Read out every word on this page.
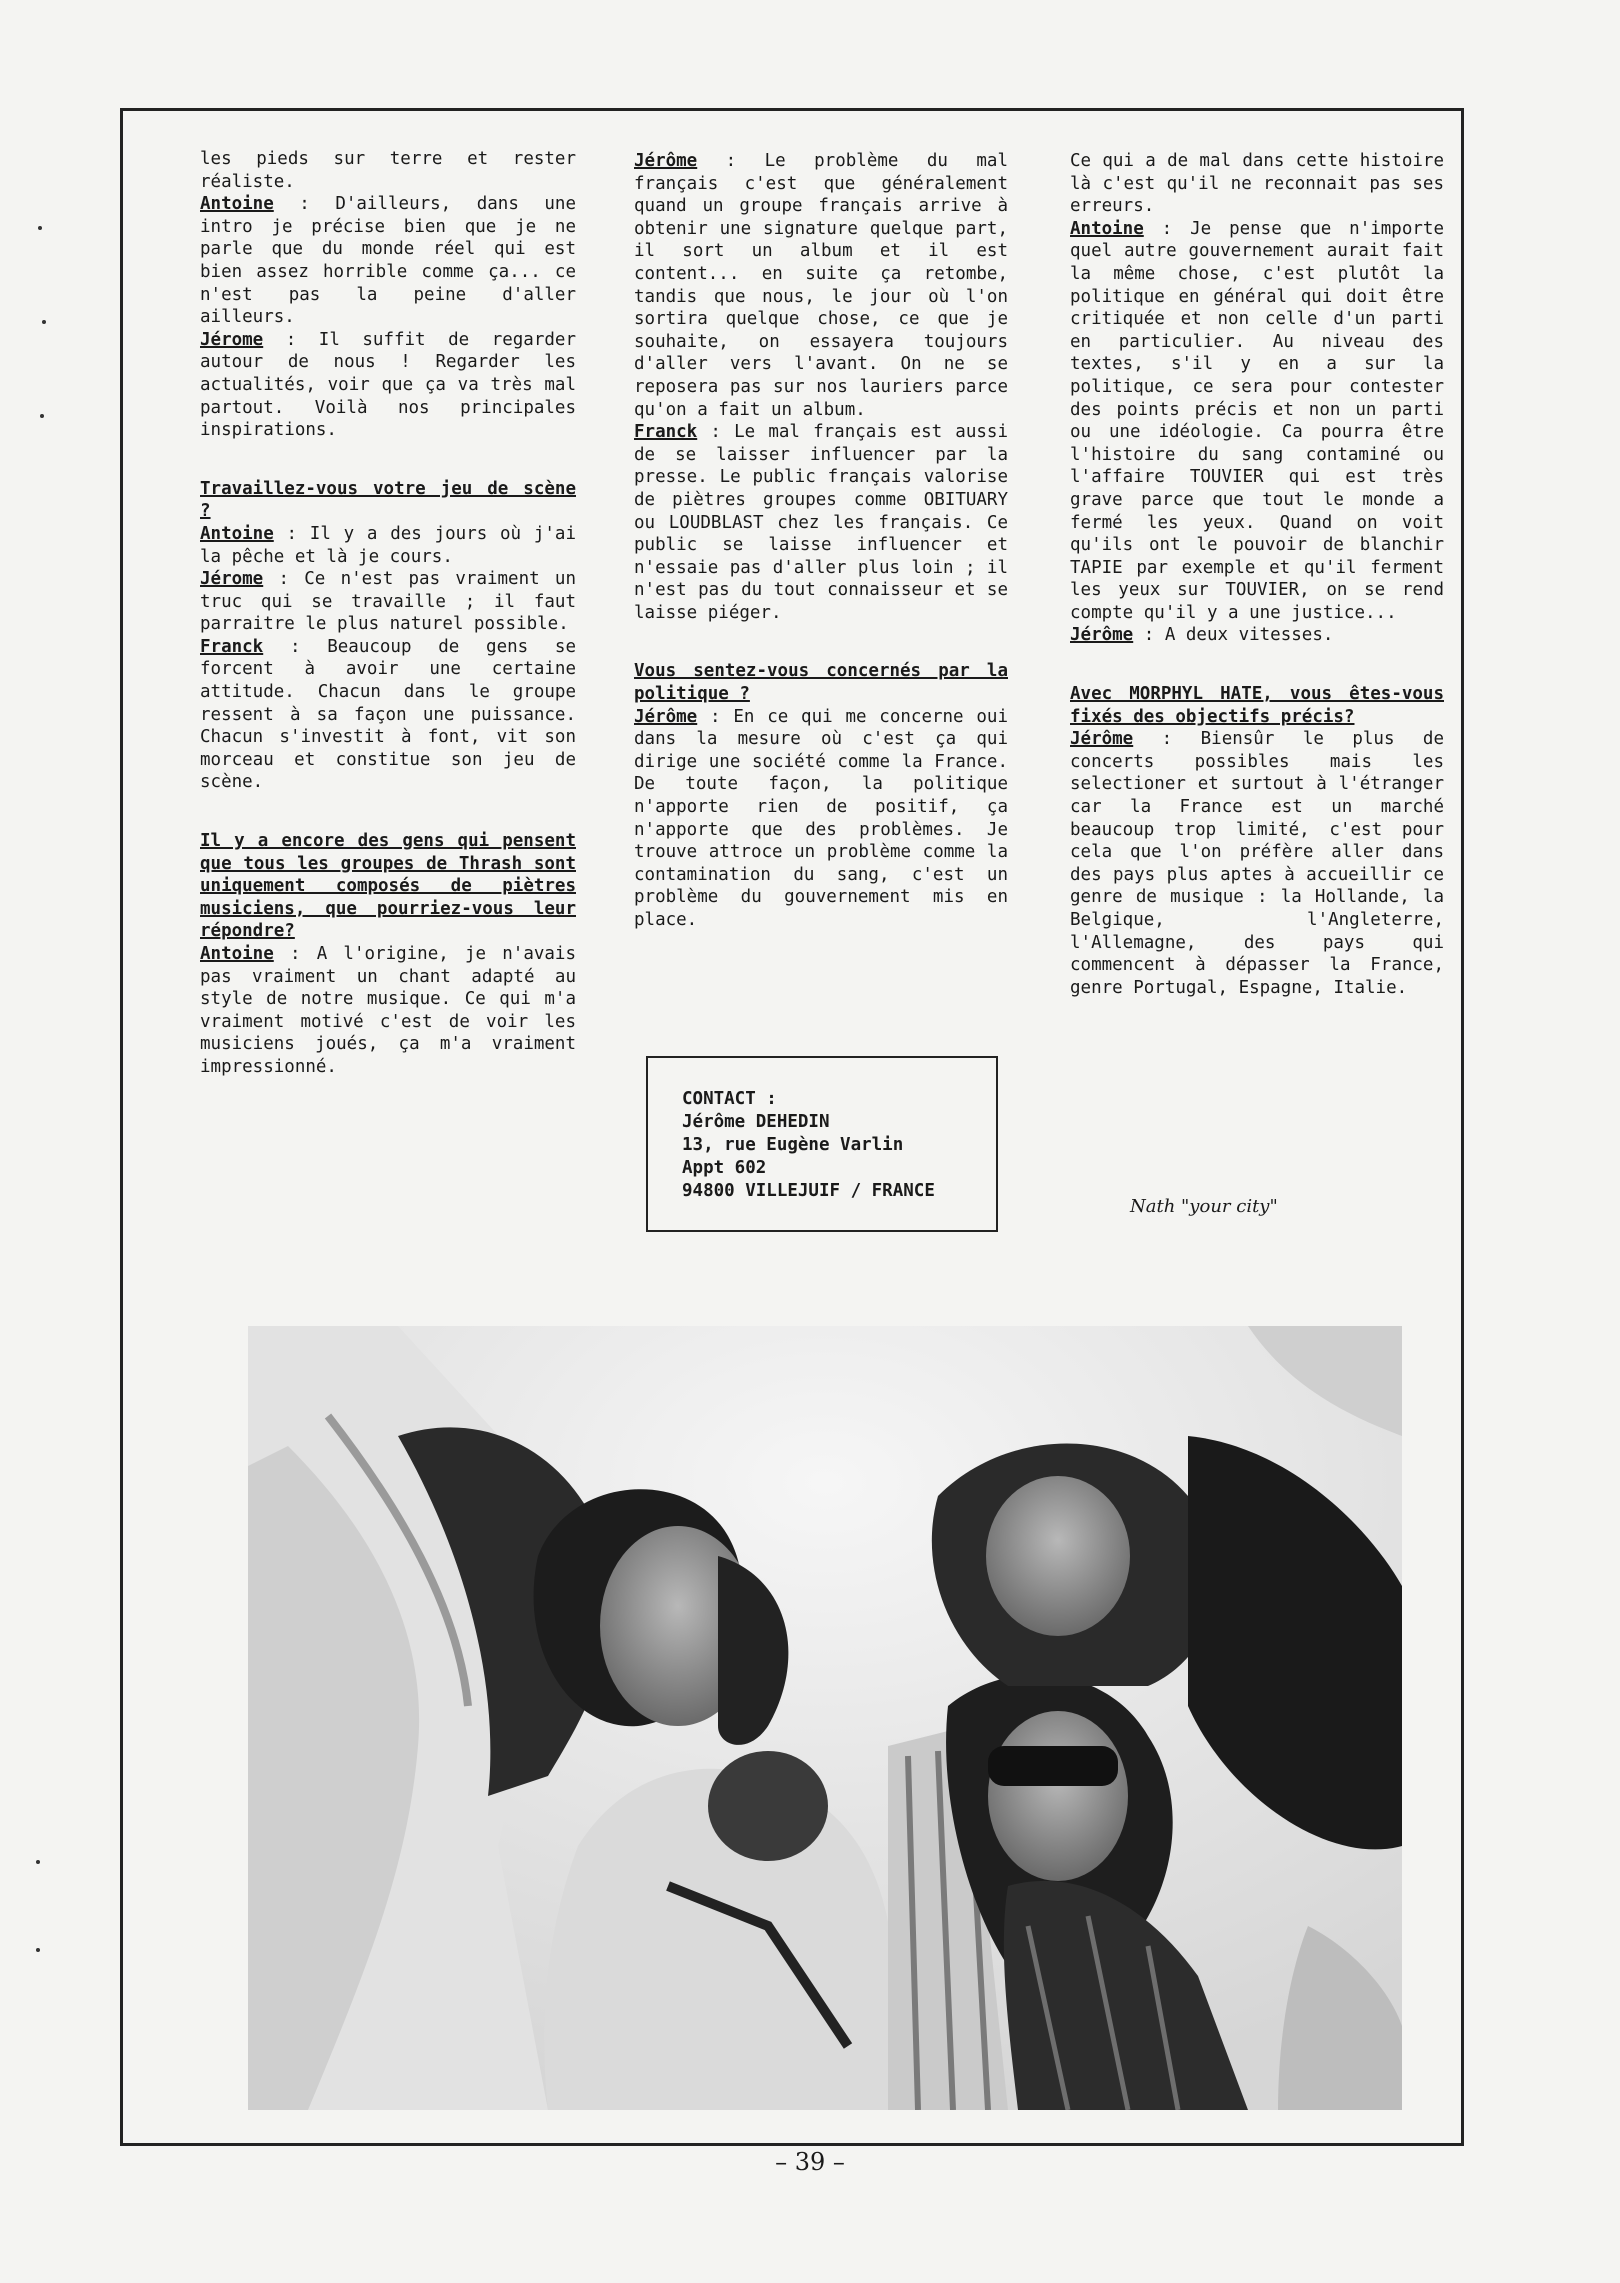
les pieds sur terre et rester réaliste.

Antoine : D'ailleurs, dans une intro je précise bien que je ne parle que du monde réel qui est bien assez horrible comme ça... ce n'est pas la peine d'aller ailleurs.

Jérome : Il suffit de regarder autour de nous ! Regarder les actualités, voir que ça va très mal partout. Voilà nos principales inspirations.

Travaillez-vous votre jeu de scène ?

Antoine : Il y a des jours où j'ai la pêche et là je cours.

Jérome : Ce n'est pas vraiment un truc qui se travaille ; il faut parraitre le plus naturel possible.

Franck : Beaucoup de gens se forcent à avoir une certaine attitude. Chacun dans le groupe ressent à sa façon une puissance. Chacun s'investit à font, vit son morceau et constitue son jeu de scène.

Il y a encore des gens qui pensent que tous les groupes de Thrash sont uniquement composés de piètres musiciens, que pourriez-vous leur répondre?

Antoine : A l'origine, je n'avais pas vraiment un chant adapté au style de notre musique. Ce qui m'a vraiment motivé c'est de voir les musiciens joués, ça m'a vraiment impressionné.

Jérôme : Le problème du mal français c'est que généralement quand un groupe français arrive à obtenir une signature quelque part, il sort un album et il est content... en suite ça retombe, tandis que nous, le jour où l'on sortira quelque chose, ce que je souhaite, on essayera toujours d'aller vers l'avant. On ne se reposera pas sur nos lauriers parce qu'on a fait un album.

Franck : Le mal français est aussi de se laisser influencer par la presse. Le public français valorise de piètres groupes comme OBITUARY ou LOUDBLAST chez les français. Ce public se laisse influencer et n'essaie pas d'aller plus loin ; il n'est pas du tout connaisseur et se laisse piéger.

Vous sentez-vous concernés par la politique ?

Jérôme : En ce qui me concerne oui dans la mesure où c'est ça qui dirige une société comme la France. De toute façon, la politique n'apporte rien de positif, ça n'apporte que des problèmes. Je trouve attroce un problème comme la contamination du sang, c'est un problème du gouvernement mis en place.

Ce qui a de mal dans cette histoire là c'est qu'il ne reconnait pas ses erreurs.

Antoine : Je pense que n'importe quel autre gouvernement aurait fait la même chose, c'est plutôt la politique en général qui doit être critiquée et non celle d'un parti en particulier. Au niveau des textes, s'il y en a sur la politique, ce sera pour contester des points précis et non un parti ou une idéologie. Ca pourra être l'histoire du sang contaminé ou l'affaire TOUVIER qui est très grave parce que tout le monde a fermé les yeux. Quand on voit qu'ils ont le pouvoir de blanchir TAPIE par exemple et qu'il ferment les yeux sur TOUVIER, on se rend compte qu'il y a une justice...

Jérôme : A deux vitesses.

Avec MORPHYL HATE, vous êtes-vous fixés des objectifs précis?

Jérôme : Biensûr le plus de concerts possibles mais les selectioner et surtout à l'étranger car la France est un marché beaucoup trop limité, c'est pour cela que l'on préfère aller dans des pays plus aptes à accueillir ce genre de musique : la Hollande, la Belgique, l'Angleterre, l'Allemagne, des pays qui commencent à dépasser la France, genre Portugal, Espagne, Italie.

CONTACT :
Jérôme DEHEDIN
13, rue Eugène Varlin
Appt 602
94800 VILLEJUIF / FRANCE
Nath "your city"
– 39 –
